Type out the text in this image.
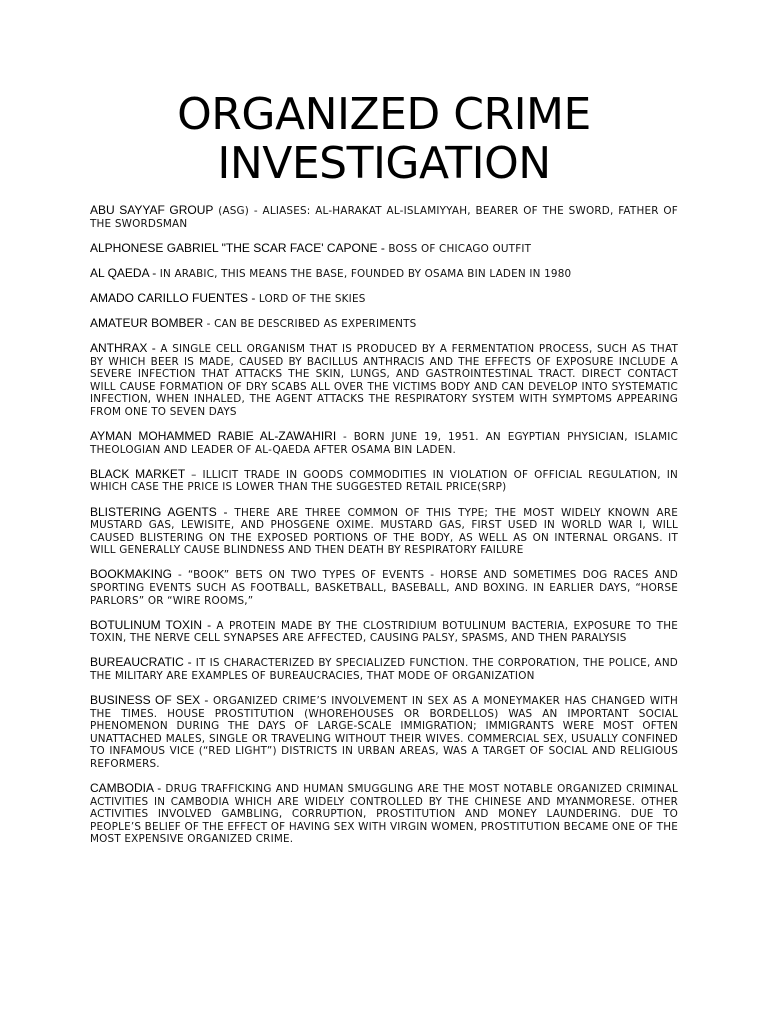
ORGANIZED CRIME
INVESTIGATION

ABU SAYYAF GROUP (ASG) - ALIASES: AL-HARAKAT AL-ISLAMIYYAH, BEARER OF THE SWORD, FATHER OF THE SWORDSMAN

ALPHONESE GABRIEL "THE SCAR FACE' CAPONE - BOSS OF CHICAGO OUTFIT

AL QAEDA - IN ARABIC, THIS MEANS THE BASE, FOUNDED BY OSAMA BIN LADEN IN 1980

AMADO CARILLO FUENTES - LORD OF THE SKIES

AMATEUR BOMBER - CAN BE DESCRIBED AS EXPERIMENTS

ANTHRAX - A SINGLE CELL ORGANISM THAT IS PRODUCED BY A FERMENTATION PROCESS, SUCH AS THAT BY WHICH BEER IS MADE, CAUSED BY BACILLUS ANTHRACIS AND THE EFFECTS OF EXPOSURE INCLUDE A SEVERE INFECTION THAT ATTACKS THE SKIN, LUNGS, AND GASTROINTESTINAL TRACT. DIRECT CONTACT WILL CAUSE FORMATION OF DRY SCABS ALL OVER THE VICTIMS BODY AND CAN DEVELOP INTO SYSTEMATIC INFECTION, WHEN INHALED, THE AGENT ATTACKS THE RESPIRATORY SYSTEM WITH SYMPTOMS APPEARING FROM ONE TO SEVEN DAYS

AYMAN MOHAMMED RABIE AL-ZAWAHIRI - BORN JUNE 19, 1951. AN EGYPTIAN PHYSICIAN, ISLAMIC THEOLOGIAN AND LEADER OF AL-QAEDA AFTER OSAMA BIN LADEN.

BLACK MARKET – ILLICIT TRADE IN GOODS COMMODITIES IN VIOLATION OF OFFICIAL REGULATION, IN WHICH CASE THE PRICE IS LOWER THAN THE SUGGESTED RETAIL PRICE(SRP)

BLISTERING AGENTS - THERE ARE THREE COMMON OF THIS TYPE; THE MOST WIDELY KNOWN ARE MUSTARD GAS, LEWISITE, AND PHOSGENE OXIME. MUSTARD GAS, FIRST USED IN WORLD WAR I, WILL CAUSED BLISTERING ON THE EXPOSED PORTIONS OF THE BODY, AS WELL AS ON INTERNAL ORGANS. IT WILL GENERALLY CAUSE BLINDNESS AND THEN DEATH BY RESPIRATORY FAILURE

BOOKMAKING - “BOOK” BETS ON TWO TYPES OF EVENTS - HORSE AND SOMETIMES DOG RACES AND SPORTING EVENTS SUCH AS FOOTBALL, BASKETBALL, BASEBALL, AND BOXING. IN EARLIER DAYS, “HORSE PARLORS” OR “WIRE ROOMS,”

BOTULINUM TOXIN - A PROTEIN MADE BY THE CLOSTRIDIUM BOTULINUM BACTERIA, EXPOSURE TO THE TOXIN, THE NERVE CELL SYNAPSES ARE AFFECTED, CAUSING PALSY, SPASMS, AND THEN PARALYSIS

BUREAUCRATIC - IT IS CHARACTERIZED BY SPECIALIZED FUNCTION. THE CORPORATION, THE POLICE, AND THE MILITARY ARE EXAMPLES OF BUREAUCRACIES, THAT MODE OF ORGANIZATION

BUSINESS OF SEX - ORGANIZED CRIME’S INVOLVEMENT IN SEX AS A MONEYMAKER HAS CHANGED WITH THE TIMES. HOUSE PROSTITUTION (WHOREHOUSES OR BORDELLOS) WAS AN IMPORTANT SOCIAL PHENOMENON DURING THE DAYS OF LARGE-SCALE IMMIGRATION; IMMIGRANTS WERE MOST OFTEN UNATTACHED MALES, SINGLE OR TRAVELING WITHOUT THEIR WIVES. COMMERCIAL SEX, USUALLY CONFINED TO INFAMOUS VICE (“RED LIGHT”) DISTRICTS IN URBAN AREAS, WAS A TARGET OF SOCIAL AND RELIGIOUS REFORMERS.

CAMBODIA - DRUG TRAFFICKING AND HUMAN SMUGGLING ARE THE MOST NOTABLE ORGANIZED CRIMINAL ACTIVITIES IN CAMBODIA WHICH ARE WIDELY CONTROLLED BY THE CHINESE AND MYANMORESE. OTHER ACTIVITIES INVOLVED GAMBLING, CORRUPTION, PROSTITUTION AND MONEY LAUNDERING. DUE TO PEOPLE’S BELIEF OF THE EFFECT OF HAVING SEX WITH VIRGIN WOMEN, PROSTITUTION BECAME ONE OF THE MOST EXPENSIVE ORGANIZED CRIME.
